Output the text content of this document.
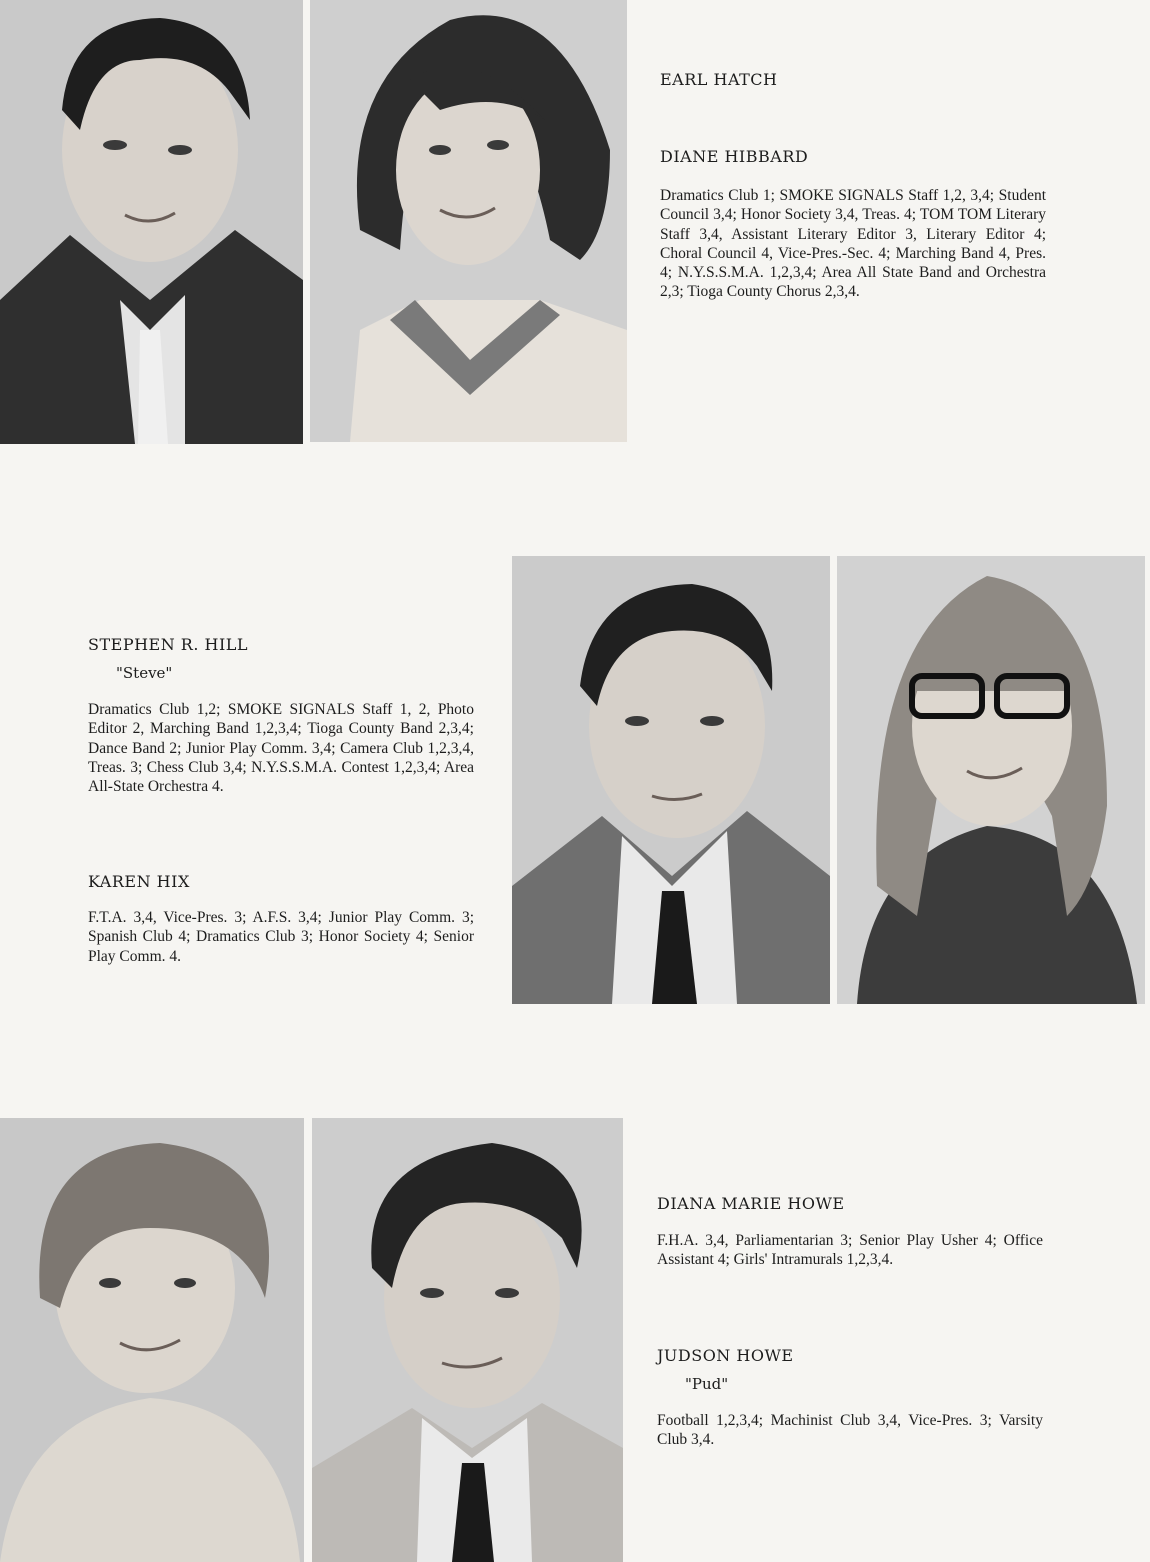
EARL HATCH

DIANE HIBBARD

Dramatics Club 1; SMOKE SIGNALS Staff 1,2, 3,4; Student Council 3,4; Honor Society 3,4, Treas. 4; TOM TOM Literary Staff 3,4, Assistant Literary Editor 3, Literary Editor 4; Choral Council 4, Vice-Pres.-Sec. 4; Marching Band 4, Pres. 4; N.Y.S.S.M.A. 1,2,3,4; Area All State Band and Orchestra 2,3; Tioga County Chorus 2,3,4.

STEPHEN R. HILL

"Steve"

Dramatics Club 1,2; SMOKE SIGNALS Staff 1, 2, Photo Editor 2, Marching Band 1,2,3,4; Tioga County Band 2,3,4; Dance Band 2; Junior Play Comm. 3,4; Camera Club 1,2,3,4, Treas. 3; Chess Club 3,4; N.Y.S.S.M.A. Contest 1,2,3,4; Area All-State Orchestra 4.

KAREN HIX

F.T.A. 3,4, Vice-Pres. 3; A.F.S. 3,4; Junior Play Comm. 3; Spanish Club 4; Dramatics Club 3; Honor Society 4; Senior Play Comm. 4.

DIANA MARIE HOWE

F.H.A. 3,4, Parliamentarian 3; Senior Play Usher 4; Office Assistant 4; Girls' Intramurals 1,2,3,4.

JUDSON HOWE

"Pud"

Football 1,2,3,4; Machinist Club 3,4, Vice-Pres. 3; Varsity Club 3,4.
